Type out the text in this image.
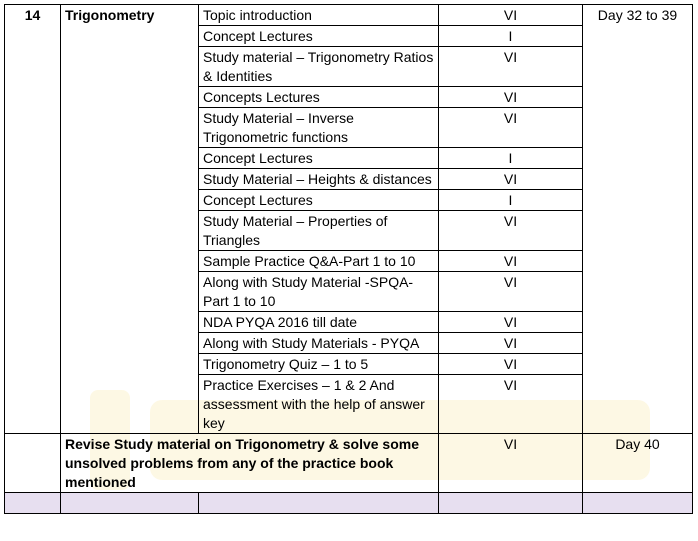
14	Trigonometry	Topic introduction	VI	Day 32 to 39
		Concept Lectures	I	
		Study material – Trigonometry Ratios & Identities	VI	
		Concepts Lectures	VI	
		Study Material – Inverse Trigonometric functions	VI	
		Concept Lectures	I	
		Study Material – Heights & distances	VI	
		Concept Lectures	I	
		Study Material – Properties of Triangles	VI	
		Sample Practice Q&A-Part 1 to 10	VI	
		Along with Study Material -SPQA-Part 1 to 10	VI	
		NDA PYQA 2016 till date	VI	
		Along with Study Materials - PYQA	VI	
		Trigonometry Quiz – 1 to 5	VI	
		Practice Exercises – 1 & 2 And assessment with the help of answer key	VI	
	Revise Study material on Trigonometry & solve some unsolved problems from any of the practice book mentioned		VI	Day 40
